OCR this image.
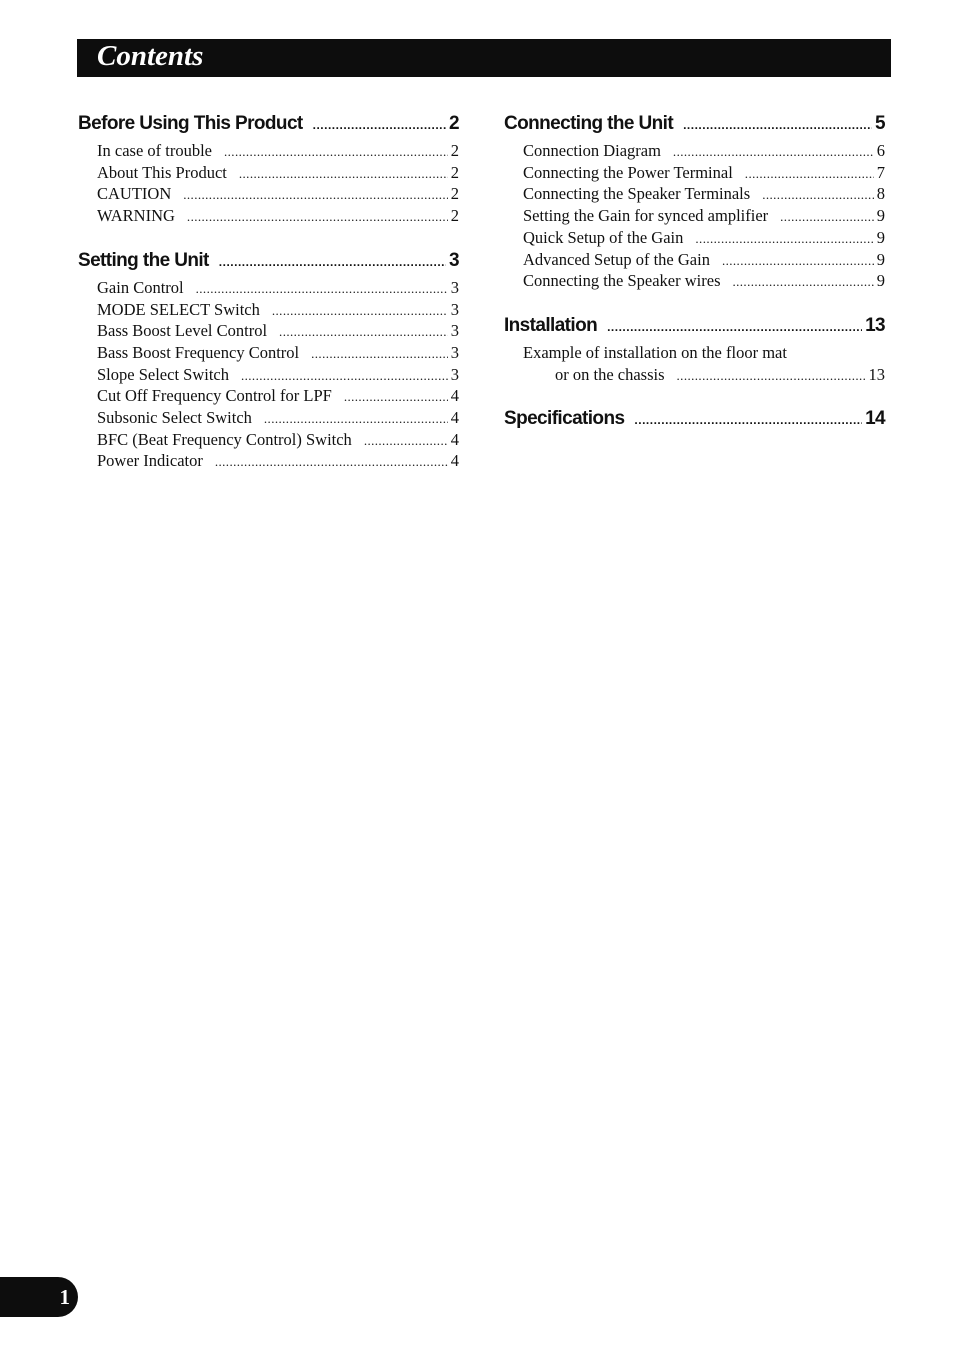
Contents
Before Using This Product .....	2
In case of trouble .....	2
About This Product .....	2
CAUTION .....	2
WARNING .....	2
Setting the Unit .....	3
Gain Control .....	3
MODE SELECT Switch .....	3
Bass Boost Level Control .....	3
Bass Boost Frequency Control .....	3
Slope Select Switch .....	3
Cut Off Frequency Control for LPF .....	4
Subsonic Select Switch .....	4
BFC (Beat Frequency Control) Switch .....	4
Power Indicator .....	4
Connecting the Unit .....	5
Connection Diagram .....	6
Connecting the Power Terminal .....	7
Connecting the Speaker Terminals .....	8
Setting the Gain for synced amplifier .....	9
Quick Setup of the Gain .....	9
Advanced Setup of the Gain .....	9
Connecting the Speaker wires .....	9
Installation .....	13
Example of installation on the floor mat
or on the chassis .....	13
Specifications .....	14
1
